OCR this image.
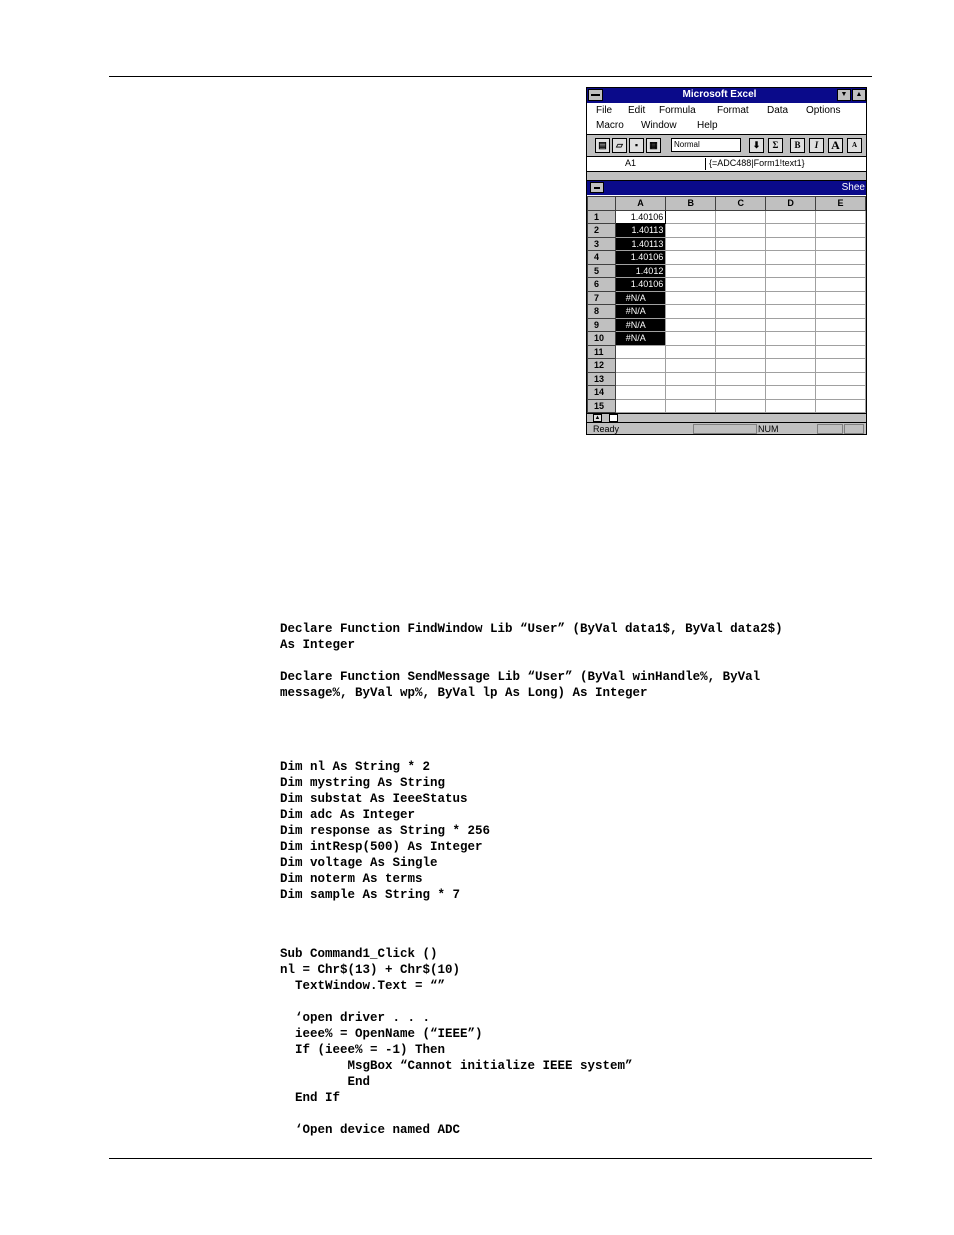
Microsoft Excel	▼	▲
File Edit Formula Format Data Options
Macro Window Help
▤	▱	▪	▦	Normal	⬇	Σ	B	I	A	A
A1	{=ADC488|Form1!text1}
Shee
	A	B	C	D	E
1	1.40106				
2	1.40113				
3	1.40113				
4	1.40106				
5	1.4012				
6	1.40106				
7	#N/A				
8	#N/A				
9	#N/A				
10	#N/A				
11					
12					
13					
14					
15					
▲
Ready	NUM
Declare Function FindWindow Lib “User” (ByVal data1$, ByVal data2$)
As Integer

Declare Function SendMessage Lib “User” (ByVal winHandle%, ByVal
message%, ByVal wp%, ByVal lp As Long) As Integer
Dim nl As String * 2
Dim mystring As String
Dim substat As IeeeStatus
Dim adc As Integer
Dim response as String * 256
Dim intResp(500) As Integer
Dim voltage As Single
Dim noterm As terms
Dim sample As String * 7
Sub Command1_Click ()
nl = Chr$(13) + Chr$(10)
TextWindow.Text = “”

‘open driver . . .
ieee% = OpenName (“IEEE”)
If (ieee% = -1) Then
MsgBox “Cannot initialize IEEE system”
End
End If

‘Open device named ADC
